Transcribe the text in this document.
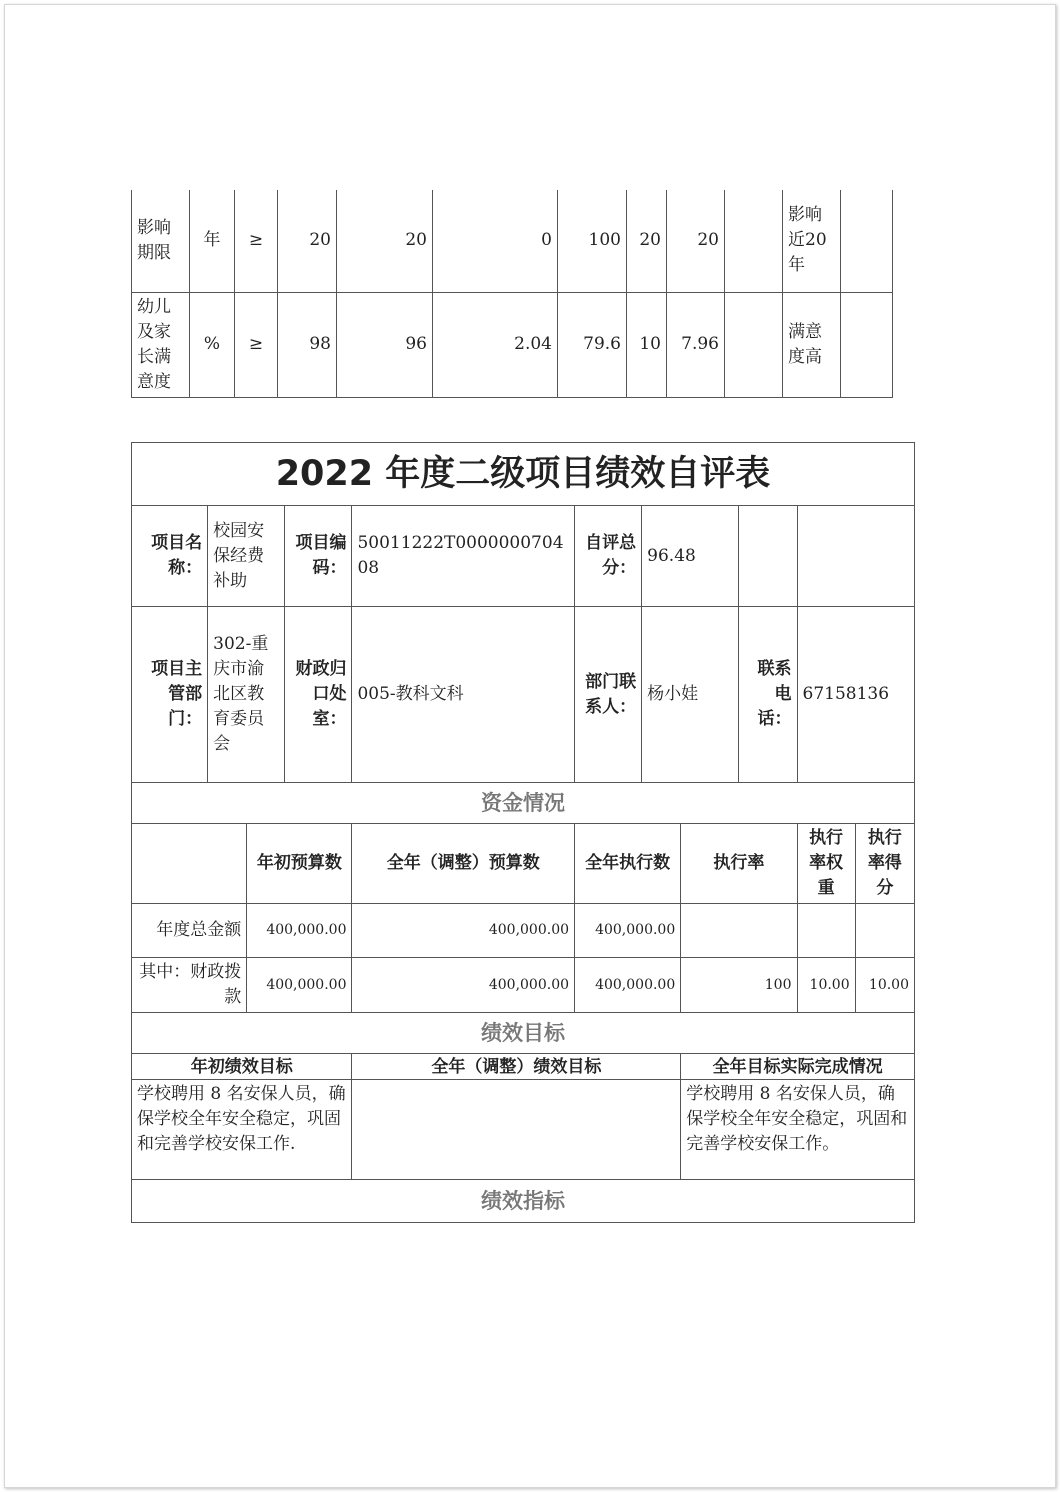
影响期限	年	≥	20	20	0	100	20	20		影响近20年	
幼儿及家长满意度	%	≥	98	96	2.04	79.6	10	7.96		满意度高	
2022 年度二级项目绩效自评表										
项目名称：	校园安保经费补助		项目编码：	50011222T000000070408	自评总分：	96.48				
项目主管部门：	302-重庆市渝北区教育委员会		财政归口处室：	005-教科文科	部门联系人：	杨小娃		联系电话：	67158136	
资金情况										
		年初预算数		全年（调整）预算数	全年执行数		执行率		执行率权重	执行率得分
年度总金额		400,000.00		400,000.00	400,000.00					
其中：财政拨款		400,000.00		400,000.00	400,000.00		100		10.00	10.00
绩效目标										
年初绩效目标				全年（调整）绩效目标			全年目标实际完成情况			
学校聘用 8 名安保人员，确保学校全年安全稳定，巩固和完善学校安保工作.							学校聘用 8 名安保人员，确保学校全年安全稳定，巩固和完善学校安保工作。			
绩效指标										
